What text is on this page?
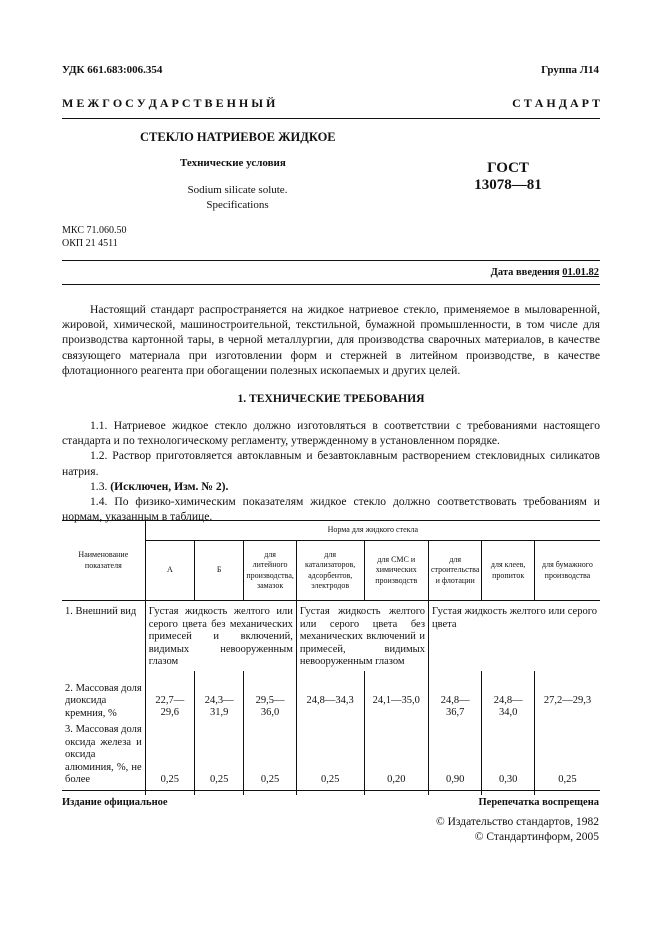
УДК 661.683:006.354	Группа Л14
М Е Ж Г О С У Д А Р С Т В Е Н Н Ы Й	С Т А Н Д А Р Т
СТЕКЛО НАТРИЕВОЕ ЖИДКОЕ
Технические условия
Sodium silicate solute.
Specifications
ГОСТ
13078—81
МКС 71.060.50
ОКП 21 4511
Дата введения 01.01.82

Настоящий стандарт распространяется на жидкое натриевое стекло, применяемое в мыловаренной, жировой, химической, машиностроительной, текстильной, бумажной промышленности, в том числе для производства картонной тары, в черной металлургии, для производства сварочных материалов, в качестве связующего материала при изготовлении форм и стержней в литейном производстве, в качестве флотационного реагента при обогащении полезных ископаемых и других целей.

1. ТЕХНИЧЕСКИЕ ТРЕБОВАНИЯ

1.1. Натриевое жидкое стекло должно изготовляться в соответствии с требованиями настоящего стандарта и по технологическому регламенту, утвержденному в установленном порядке.

1.2. Раствор приготовляется автоклавным и безавтоклавным растворением стекловидных силикатов натрия.

1.3. (Исключен, Изм. № 2).

1.4. По физико-химическим показателям жидкое стекло должно соответствовать требованиям и нормам, указанным в таблице.

Наименование показателя	Норма для жидкого стекла							
	А	Б	для литейного производства, замазок	для катализаторов, адсорбентов, электродов	для СМС и химических производств	для строительства и флотации	для клеев, пропиток	для бумажного производства
1. Внешний вид	Густая жидкость желтого или серого цвета без механических примесей и включений, видимых невооруженным глазом			Густая жидкость желтого или серого цвета без механических включений и примесей, видимых невооруженным глазом		Густая жидкость желтого или серого цвета		
2. Массовая доля диоксида кремния, %	22,7—29,6	24,3—31,9	29,5—36,0	24,8—34,3	24,1—35,0	24,8—36,7	24,8—34,0	27,2—29,3
3. Массовая доля оксида железа и оксида алюминия, %, не более	0,25	0,25	0,25	0,25	0,20	0,90	0,30	0,25
Издание официальное	Перепечатка воспрещена
© Издательство стандартов, 1982
© Стандартинформ, 2005
